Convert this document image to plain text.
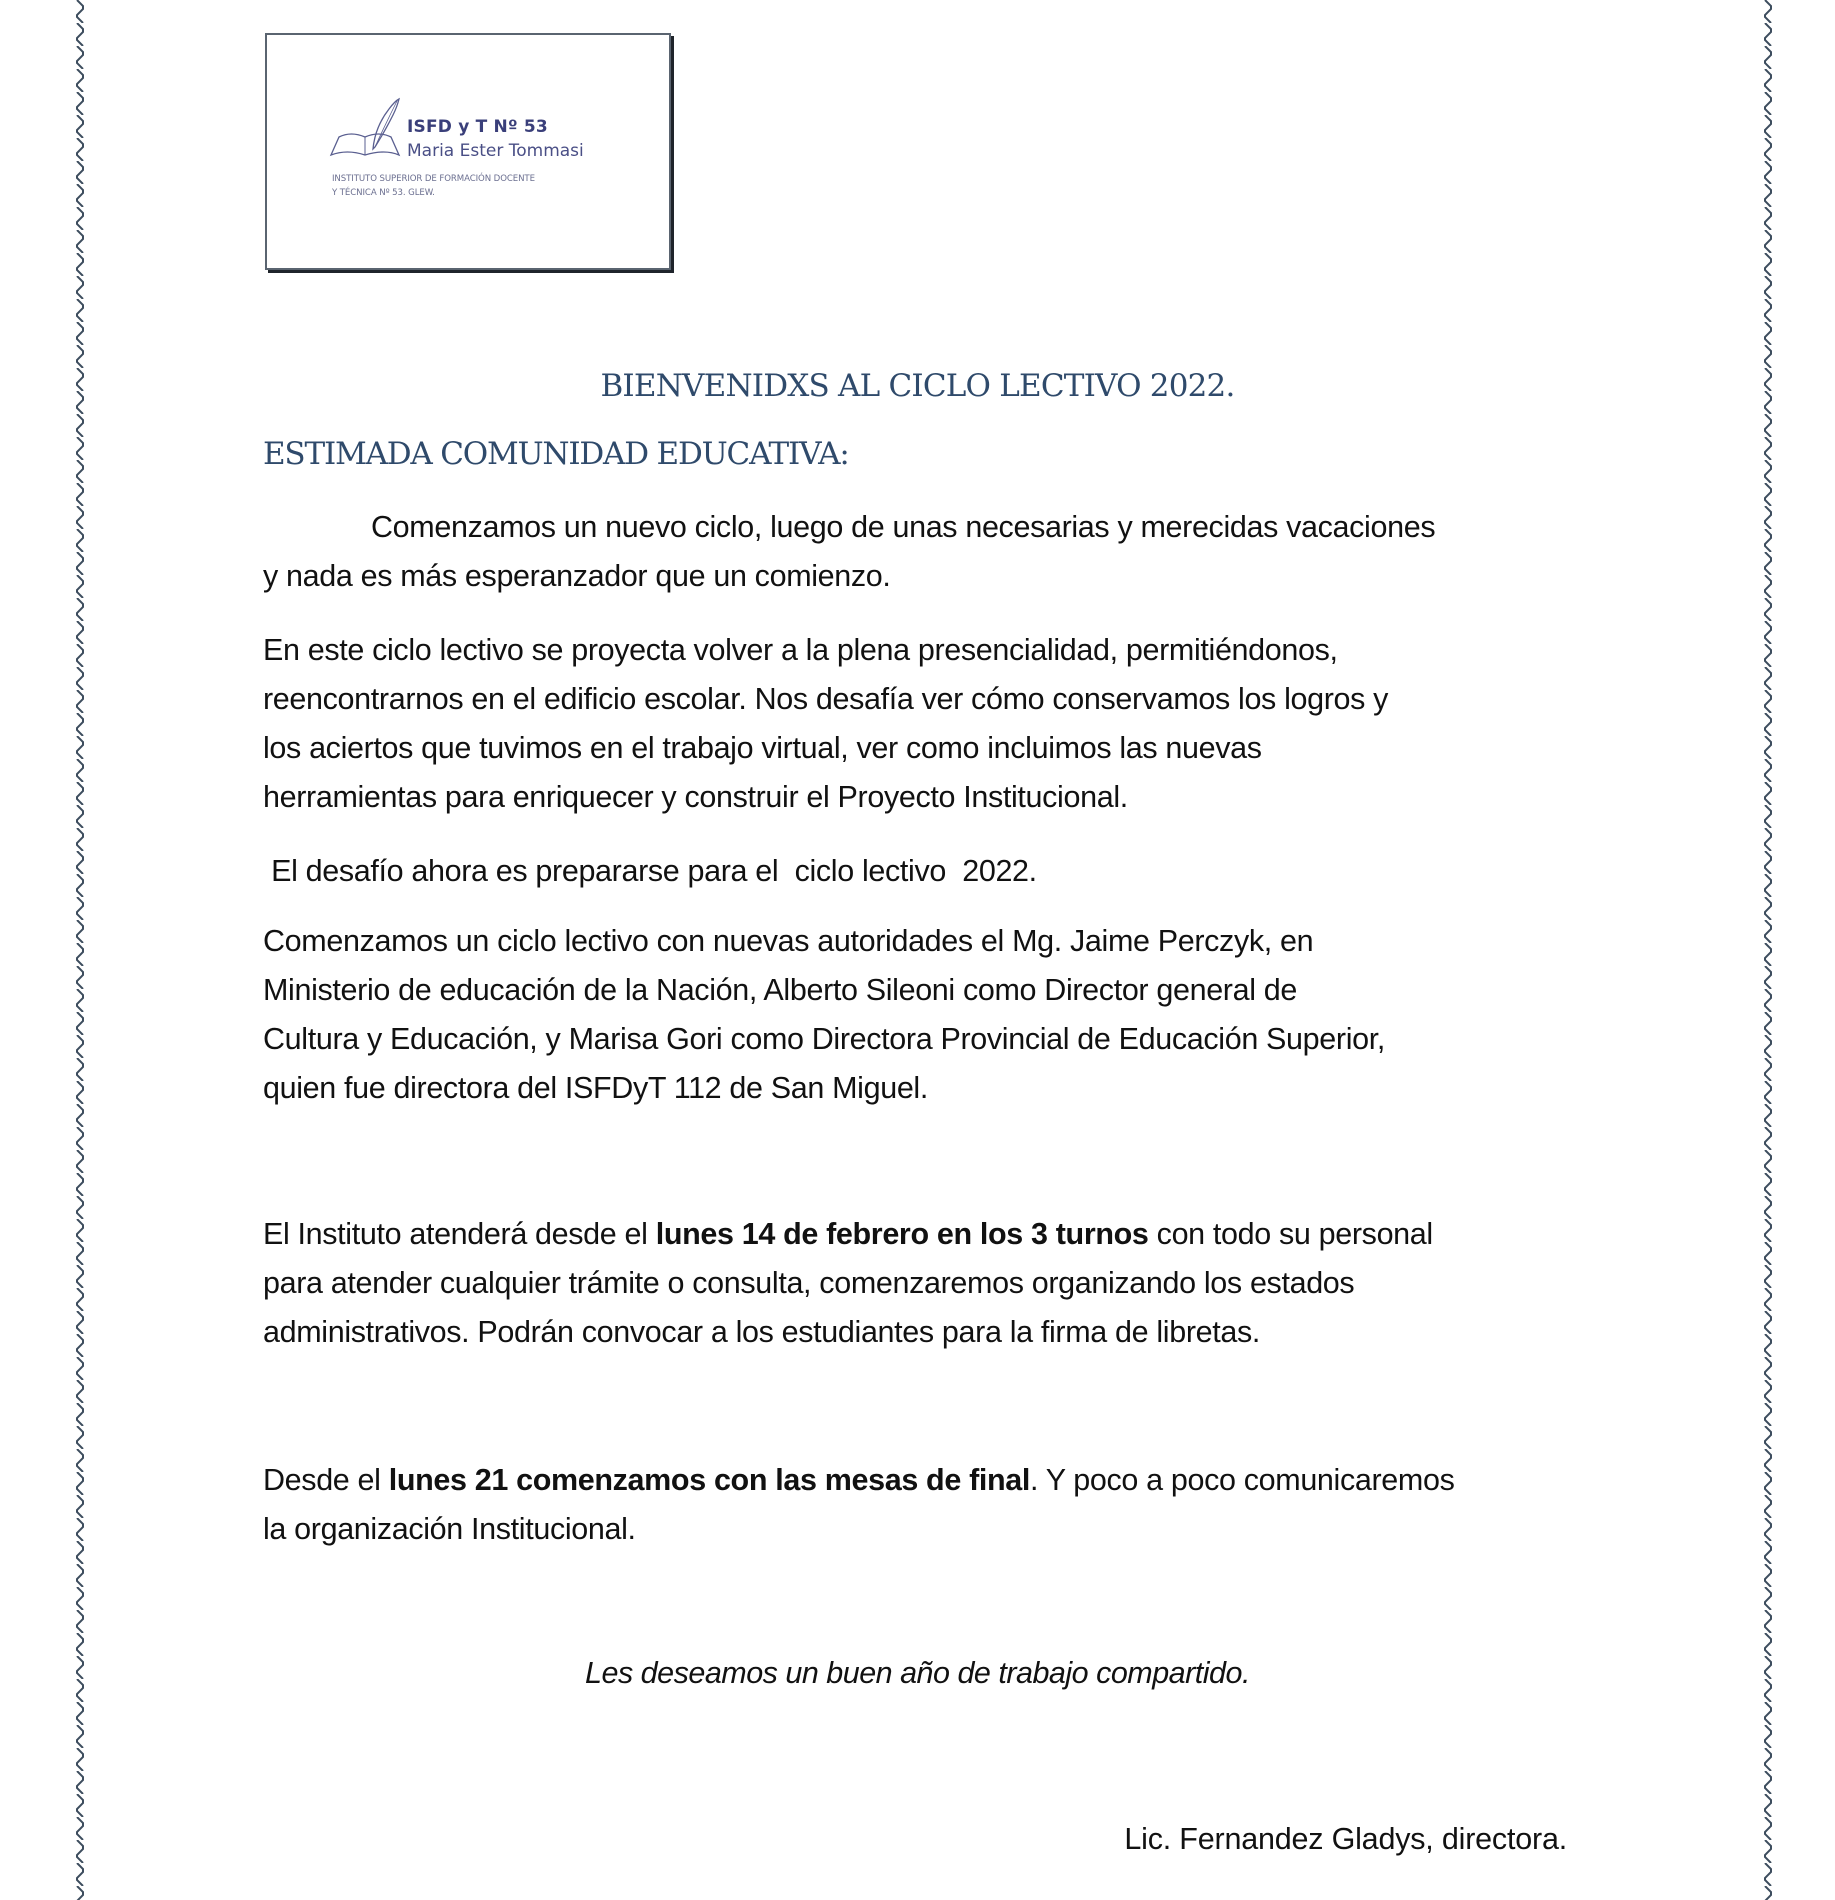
ISFD y T Nº 53
Maria Ester Tommasi
INSTITUTO SUPERIOR DE FORMACIÓN DOCENTE
Y TÉCNICA Nº 53. GLEW.
BIENVENIDXS AL CICLO LECTIVO 2022.
ESTIMADA COMUNIDAD EDUCATIVA:
Comenzamos un nuevo ciclo, luego de unas necesarias y merecidas vacaciones
y nada es más esperanzador que un comienzo.
En este ciclo lectivo se proyecta volver a la plena presencialidad, permitiéndonos,
reencontrarnos en el edificio escolar. Nos desafía ver cómo conservamos los logros y
los aciertos que tuvimos en el trabajo virtual, ver como incluimos las nuevas
herramientas para enriquecer y construir el Proyecto Institucional.
El desafío ahora es prepararse para el  ciclo lectivo  2022.
Comenzamos un ciclo lectivo con nuevas autoridades el Mg. Jaime Perczyk, en
Ministerio de educación de la Nación, Alberto Sileoni como Director general de
Cultura y Educación, y Marisa Gori como Directora Provincial de Educación Superior,
quien fue directora del ISFDyT 112 de San Miguel.
El Instituto atenderá desde el lunes 14 de febrero en los 3 turnos con todo su personal
para atender cualquier trámite o consulta, comenzaremos organizando los estados
administrativos. Podrán convocar a los estudiantes para la firma de libretas.
Desde el lunes 21 comenzamos con las mesas de final. Y poco a poco comunicaremos
la organización Institucional.
Les deseamos un buen año de trabajo compartido.
Lic. Fernandez Gladys, directora.
